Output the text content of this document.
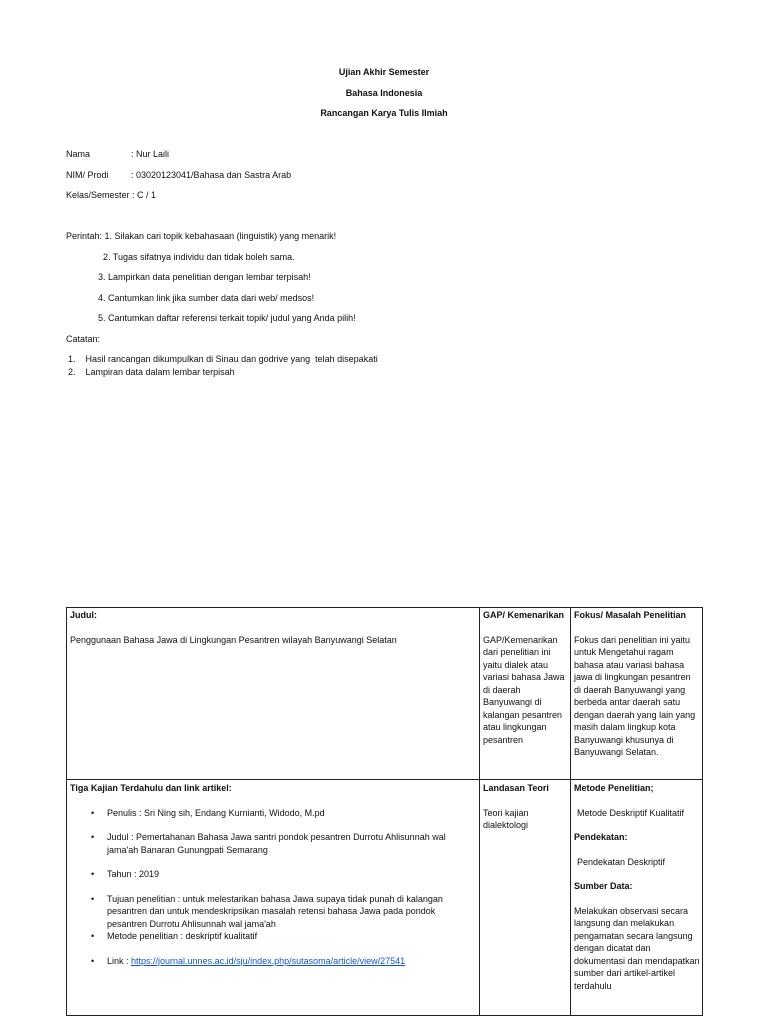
Ujian Akhir Semester
Bahasa Indonesia
Rancangan Karya Tulis Ilmiah
Nama	: Nur Laili
NIM/ Prodi : 03020123041/Bahasa dan Sastra Arab
Kelas/Semester : C / 1
Perintah: 1. Silakan cari topik kebahasaan (linguistik) yang menarik!
2. Tugas sifatnya individu dan tidak boleh sama.
3. Lampirkan data penelitian dengan lembar terpisah!
4. Cantumkan link jika sumber data dari web/ medsos!
5. Cantumkan daftar referensi terkait topik/ judul yang Anda pilih!
Catatan:
1.    Hasil rancangan dikumpulkan di Sinau dan godrive yang  telah disepakati
2.    Lampiran data dalam lembar terpisah
Judul:
Penggunaan Bahasa Jawa di Lingkungan Pesantren wilayah Banyuwangi Selatan
GAP/ Kemenarikan
GAP/Kemenarikan dari penelitian ini yaitu dialek atau variasi bahasa Jawa di daerah Banyuwangi di kalangan pesantren atau lingkungan pesantren
Fokus/ Masalah Penelitian
Fokus dari penelitian ini yaitu untuk Mengetahui ragam bahasa atau variasi bahasa jawa di lingkungan pesantren di daerah Banyuwangi yang berbeda antar daerah satu dengan daerah yang lain yang masih dalam lingkup kota Banyuwangi khusunya di Banyuwangi Selatan.
Tiga Kajian Terdahulu dan link artikel:
• Penulis : Sri Ning sih, Endang Kurnianti, Widodo, M.pd
• Judul : Pemertahanan Bahasa Jawa santri pondok pesantren Durrotu Ahlisunnah wal jama'ah Banaran Gunungpati Semarang
• Tahun : 2019
• Tujuan penelitian : untuk melestarikan bahasa Jawa supaya tidak punah di kalangan pesantren dan untuk mendeskripsikan masalah retensi bahasa Jawa pada pondok pesantren Durrotu Ahlisunnah wal jama'ah
• Metode penelitian : deskriptif kualitatif
• Link : https://journal.unnes.ac.id/sju/index.php/sutasoma/article/view/27541
Landasan Teori
Teori kajian dialektologi
Metode Penelitian;
Metode Deskriptif Kualitatif
Pendekatan:
Pendekatan Deskriptif
Sumber Data:
Melakukan observasi secara langsung dan melakukan pengamatan secara langsung dengan dicatat dan dokumentasi dan mendapatkan sumber dari artikel-artikel terdahulu
